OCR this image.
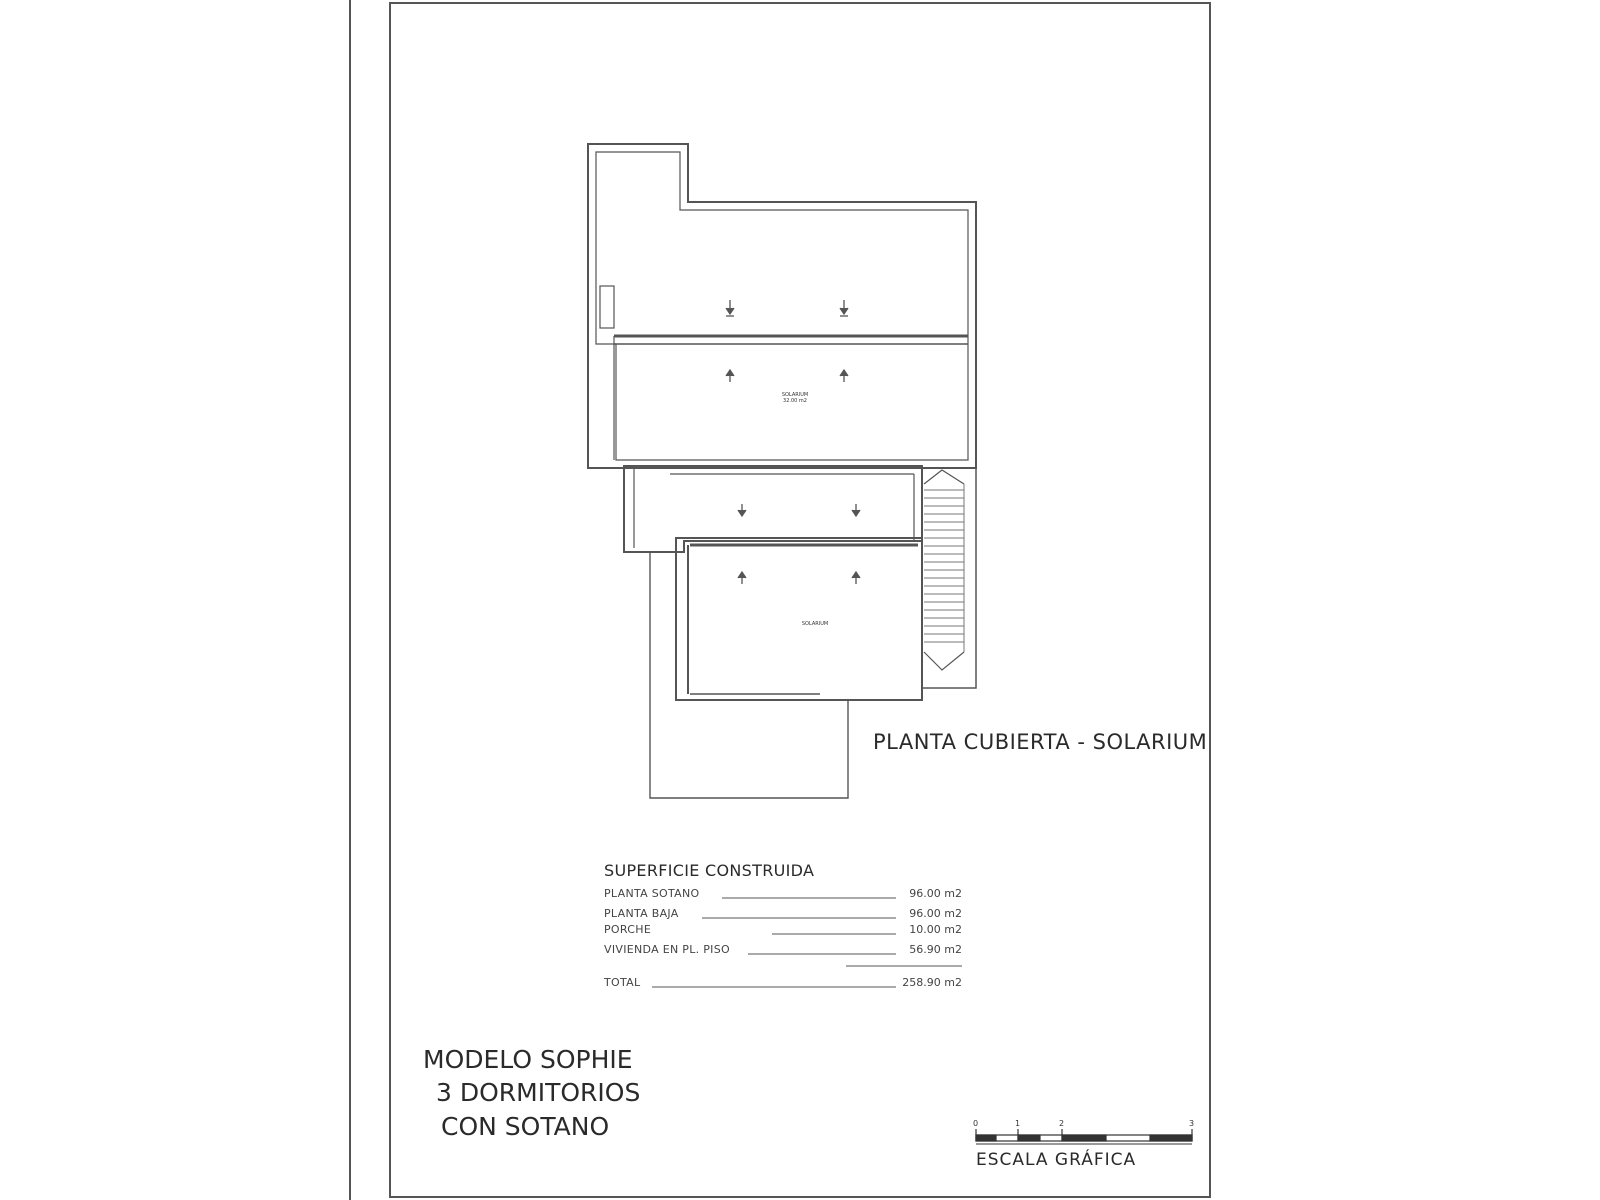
SOLARIUM
32.00 m2
SOLARIUM
PLANTA CUBIERTA - SOLARIUM
SUPERFICIE CONSTRUIDA
PLANTA SOTANO	96.00 m2
PLANTA BAJA	96.00 m2
PORCHE	10.00 m2
VIVIENDA EN PL. PISO	56.90 m2
TOTAL	258.90 m2
MODELO SOPHIE
3 DORMITORIOS
CON SOTANO	0	1	2	3
ESCALA GRÁFICA
